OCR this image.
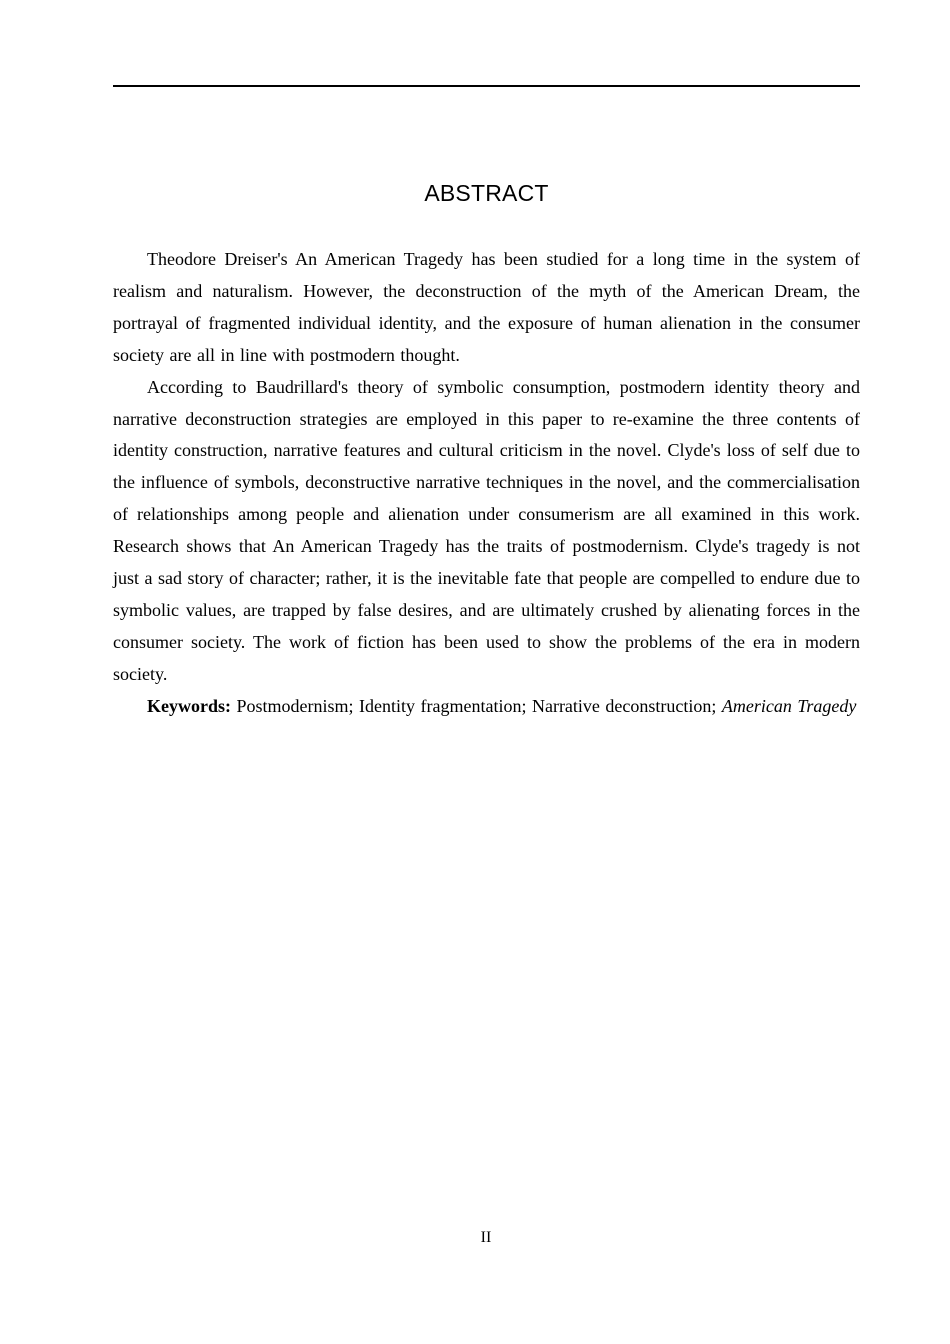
ABSTRACT

Theodore Dreiser's An American Tragedy has been studied for a long time in the system of realism and naturalism. However, the deconstruction of the myth of the American Dream, the portrayal of fragmented individual identity, and the exposure of human alienation in the consumer society are all in line with postmodern thought.

According to Baudrillard's theory of symbolic consumption, postmodern identity theory and narrative deconstruction strategies are employed in this paper to re-examine the three contents of identity construction, narrative features and cultural criticism in the novel. Clyde's loss of self due to the influence of symbols, deconstructive narrative techniques in the novel, and the commercialisation of relationships among people and alienation under consumerism are all examined in this work. Research shows that An American Tragedy has the traits of postmodernism. Clyde's tragedy is not just a sad story of character; rather, it is the inevitable fate that people are compelled to endure due to symbolic values, are trapped by false desires, and are ultimately crushed by alienating forces in the consumer society. The work of fiction has been used to show the problems of the era in modern society.

Keywords: Postmodernism; Identity fragmentation; Narrative deconstruction; American Tragedy

II
